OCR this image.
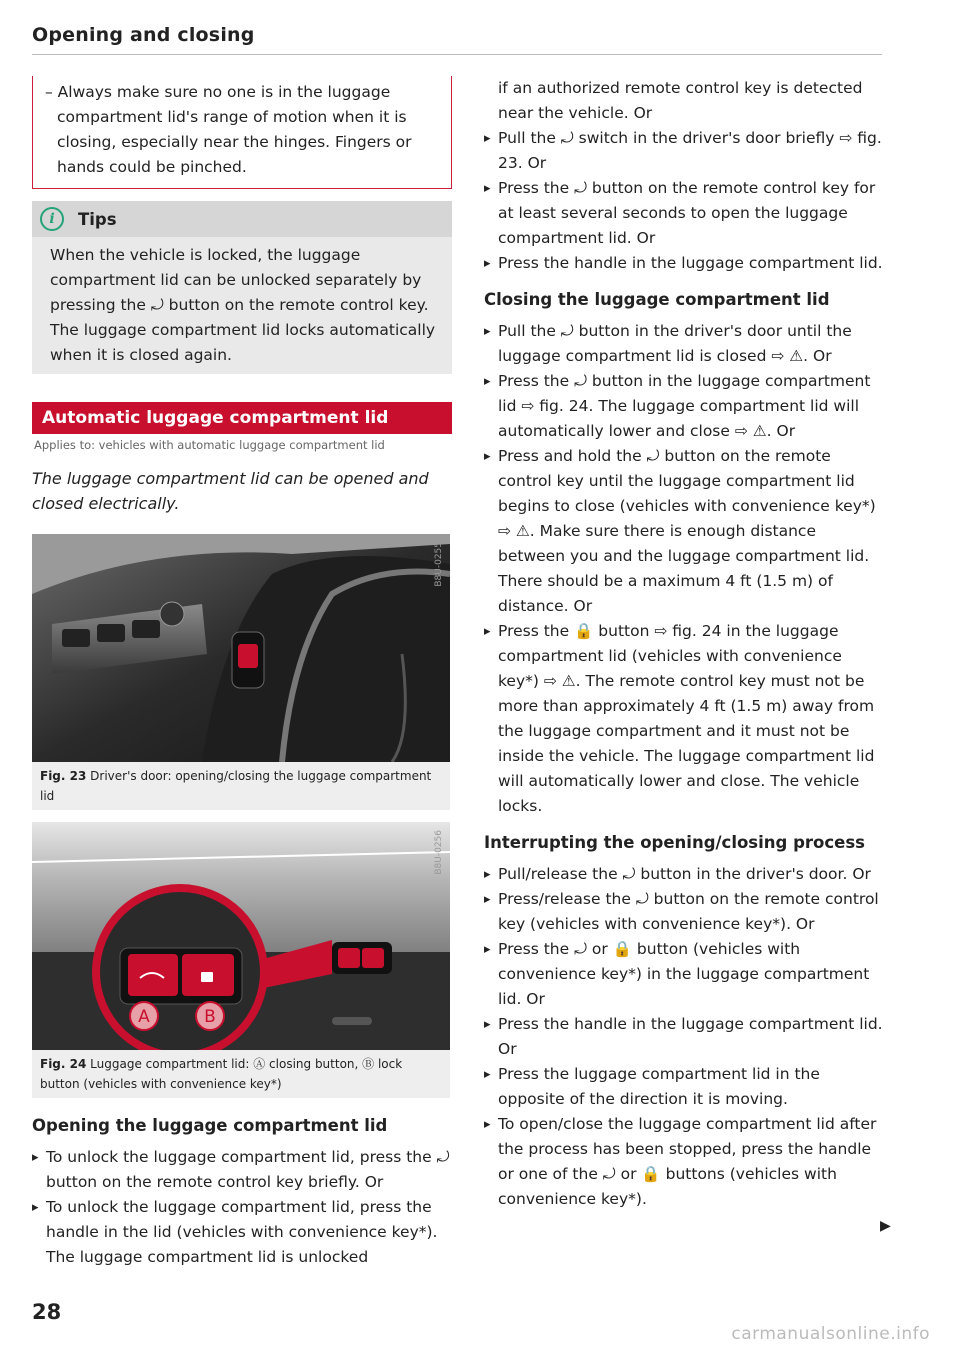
Opening and closing

– Always make sure no one is in the luggage compartment lid's range of motion when it is closing, especially near the hinges. Fingers or hands could be pinched.

i	Tips

When the vehicle is locked, the luggage compartment lid can be unlocked separately by pressing the ⤾ button on the remote control key. The luggage compartment lid locks automatically when it is closed again.

Automatic luggage compartment lid
Applies to: vehicles with automatic luggage compartment lid
The luggage compartment lid can be opened and closed electrically.
B8U-0255
Fig. 23 Driver's door: opening/closing the luggage compartment lid
A	B
B8U-0256
Fig. 24 Luggage compartment lid: Ⓐ closing button, Ⓑ lock button (vehicles with convenience key*)
Opening the luggage compartment lid
▸ To unlock the luggage compartment lid, press the ⤾ button on the remote control key briefly. Or
▸ To unlock the luggage compartment lid, press the handle in the lid (vehicles with convenience key*). The luggage compartment lid is unlocked

if an authorized remote control key is detected near the vehicle. Or

▸ Pull the ⤾ switch in the driver's door briefly ⇨ fig. 23. Or
▸ Press the ⤾ button on the remote control key for at least several seconds to open the luggage compartment lid. Or
▸ Press the handle in the luggage compartment lid.
Closing the luggage compartment lid
▸ Pull the ⤾ button in the driver's door until the luggage compartment lid is closed ⇨ ⚠. Or
▸ Press the ⤾ button in the luggage compartment lid ⇨ fig. 24. The luggage compartment lid will automatically lower and close ⇨ ⚠. Or
▸ Press and hold the ⤾ button on the remote control key until the luggage compartment lid begins to close (vehicles with convenience key*) ⇨ ⚠. Make sure there is enough distance between you and the luggage compartment lid. There should be a maximum 4 ft (1.5 m) of distance. Or
▸ Press the 🔒 button ⇨ fig. 24 in the luggage compartment lid (vehicles with convenience key*) ⇨ ⚠. The remote control key must not be more than approximately 4 ft (1.5 m) away from the luggage compartment and it must not be inside the vehicle. The luggage compartment lid will automatically lower and close. The vehicle locks.
Interrupting the opening/closing process
▸ Pull/release the ⤾ button in the driver's door. Or
▸ Press/release the ⤾ button on the remote control key (vehicles with convenience key*). Or
▸ Press the ⤾ or 🔒 button (vehicles with convenience key*) in the luggage compartment lid. Or
▸ Press the handle in the luggage compartment lid. Or
▸ Press the luggage compartment lid in the opposite of the direction it is moving.
▸ To open/close the luggage compartment lid after the process has been stopped, press the handle or one of the ⤾ or 🔒 buttons (vehicles with convenience key*).
▶
28
carmanualsonline.info
